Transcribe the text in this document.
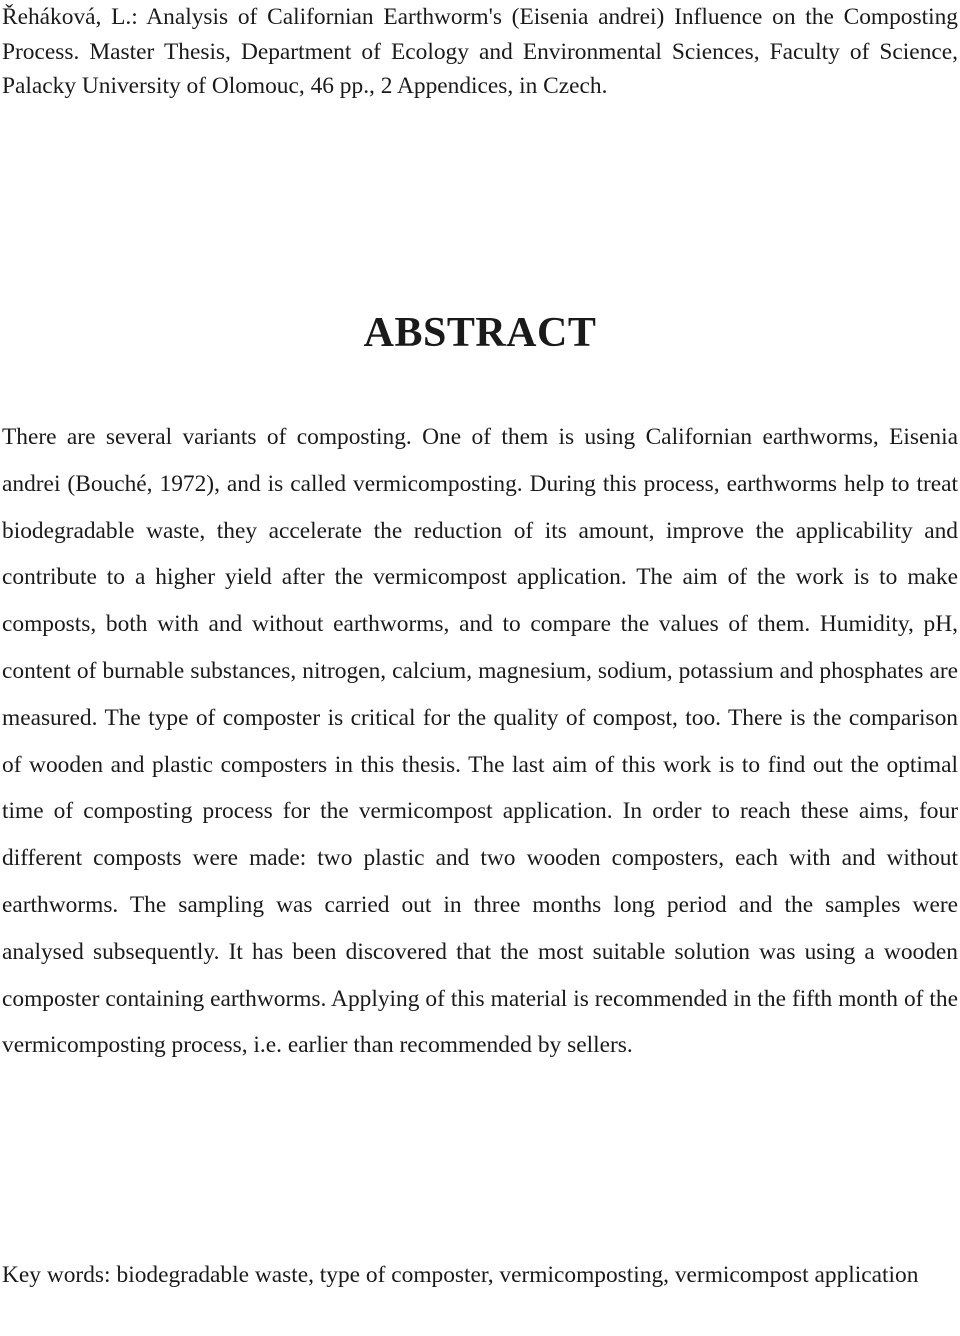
Řeháková, L.: Analysis of Californian Earthworm's (Eisenia andrei) Influence on the Composting Process. Master Thesis, Department of Ecology and Environmental Sciences, Faculty of Science, Palacky University of Olomouc, 46 pp., 2 Appendices, in Czech.

ABSTRACT

There are several variants of composting. One of them is using Californian earthworms, Eisenia andrei (Bouché, 1972), and is called vermicomposting. During this process, earthworms help to treat biodegradable waste, they accelerate the reduction of its amount, improve the applicability and contribute to a higher yield after the vermicompost application. The aim of the work is to make composts, both with and without earthworms, and to compare the values of them. Humidity, pH, content of burnable substances, nitrogen, calcium, magnesium, sodium, potassium and phosphates are measured. The type of composter is critical for the quality of compost, too. There is the comparison of wooden and plastic composters in this thesis. The last aim of this work is to find out the optimal time of composting process for the vermicompost application. In order to reach these aims, four different composts were made: two plastic and two wooden composters, each with and without earthworms. The sampling was carried out in three months long period and the samples were analysed subsequently. It has been discovered that the most suitable solution was using a wooden composter containing earthworms. Applying of this material is recommended in the fifth month of the vermicomposting process, i.e. earlier than recommended by sellers.

Key words: biodegradable waste, type of composter, vermicomposting, vermicompost application
